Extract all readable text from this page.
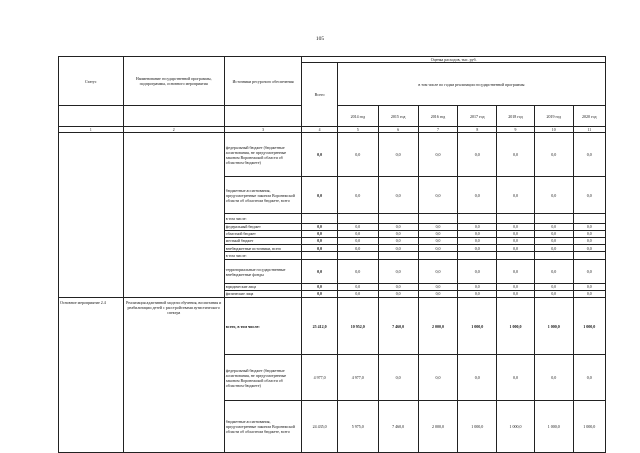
105
Статус	Наименование государственной программы, подпрограммы, основного мероприятия	Источники ресурсного обеспечения	Оценка расходов, тыс. руб.							
			Всего	в том числе по годам реализации государственной программы						
				2014 год	2015 год	2016 год	2017 год	2018 год	2019 год	2020 год
1	2	3	4	5	6	7	8	9	10	11
		федеральный бюджет (бюджетные ассигнования, не предусмотренные законом Воронежской области об областном бюджете)	0,0	0,0	0,0	0,0	0,0	0,0	0,0	0,0
		бюджетные ассигнования, предусмотренные законом Воронежской области об областном бюджете, всего	0,0	0,0	0,0	0,0	0,0	0,0	0,0	0,0
		в том числе:								
		федеральный бюджет	0,0	0,0	0,0	0,0	0,0	0,0	0,0	0,0
		областной бюджет	0,0	0,0	0,0	0,0	0,0	0,0	0,0	0,0
		местный бюджет	0,0	0,0	0,0	0,0	0,0	0,0	0,0	0,0
		внебюджетные источники, всего	0,0	0,0	0,0	0,0	0,0	0,0	0,0	0,0
		в том числе:								
		территориальные государственные внебюджетные фонды	0,0	0,0	0,0	0,0	0,0	0,0	0,0	0,0
		юридические лица	0,0	0,0	0,0	0,0	0,0	0,0	0,0	0,0
		физические лица	0,0	0,0	0,0	0,0	0,0	0,0	0,0	0,0
Основное мероприятие 2.4	Реализация адаптивной модели обучения, воспитания и реабилитации детей с расстройствами аутистического спектра	всего, в том числе:	25 412,0	10 952,0	7 460,0	2 000,0	1 000,0	1 000,0	1 000,0	1 000,0
		федеральный бюджет (бюджетные ассигнования, не предусмотренные законом Воронежской области об областном бюджете)	4 977,0	4 977,0	0,0	0,0	0,0	0,0	0,0	0,0
		бюджетные ассигнования, предусмотренные законом Воронежской области об областном бюджете, всего	24 435,0	5 975,0	7 460,0	2 000,0	1 000,0	1 000,0	1 000,0	1 000,0
